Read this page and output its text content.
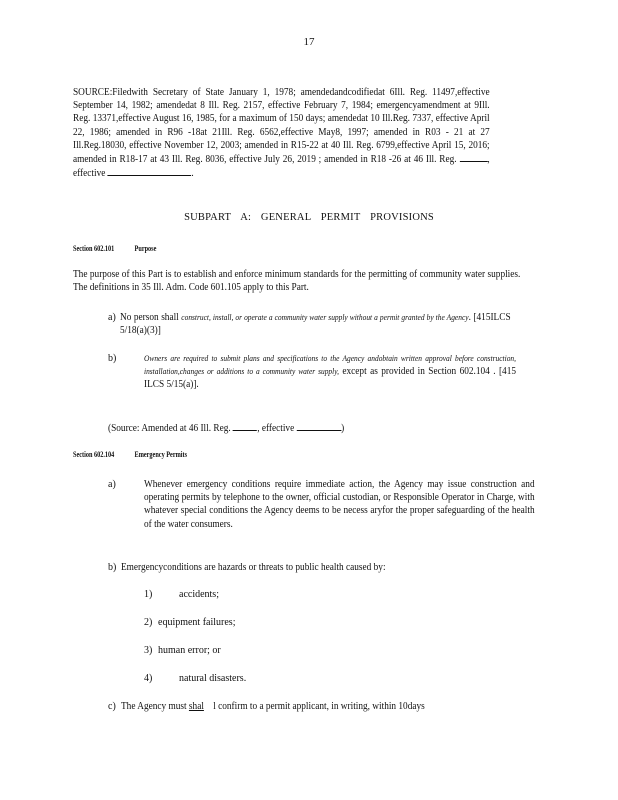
17
SOURCE:Filedwith Secretary of State January 1, 1978; amendedandcodifiedat 6Ill. Reg. 11497,effective September 14, 1982; amendedat 8 Ill. Reg. 2157, effective February 7, 1984; emergencyamendment at 9Ill. Reg. 13371,effective August 16, 1985, for a maximum of 150 days; amendedat 10 Ill.Reg. 7337, effective April 22, 1986; amended in R96 -18at 21Ill. Reg. 6562,effective May8, 1997; amended in R03 - 21 at 27 Ill.Reg.18030, effective November 12, 2003; amended in R15-22 at 40 Ill. Reg. 6799,effective April 15, 2016; amended in R18-17 at 43 Ill. Reg. 8036, effective July 26, 2019 ; amended in R18 -26 at 46 Ill. Reg.	, effective	.
SUBPART A: GENERAL PERMIT PROVISIONS
Section 602.101	Purpose
The purpose of this Part is to establish and enforce minimum standards for the permitting of community water supplies. The definitions in 35 Ill. Adm. Code 601.105 apply to this Part.
a) No person shall construct, install, or operate a community water supply without a permit granted by the Agency. [415ILCS 5/18(a)(3)]
b)	Owners are required to submit plans and specifications to the Agency andobtain written approval before construction, installation,changes or additions to a community water supply, except as provided in Section 602.104 . [415 ILCS 5/15(a)].
(Source: Amended at 46 Ill. Reg.	, effective	)
Section 602.104	Emergency Permits
a)	Whenever emergency conditions require immediate action, the Agency may issue construction and operating permits by telephone to the owner, official custodian, or Responsible Operator in Charge, with whatever special conditions the Agency deems to be necess aryfor the proper safeguarding of the health of the water consumers.
b) Emergencyconditions are hazards or threats to public health caused by:
1)	accidents;
2) equipment failures;
3) human error; or
4)	natural disasters.
c) The Agency must shal l confirm to a permit applicant, in writing, within 10days
